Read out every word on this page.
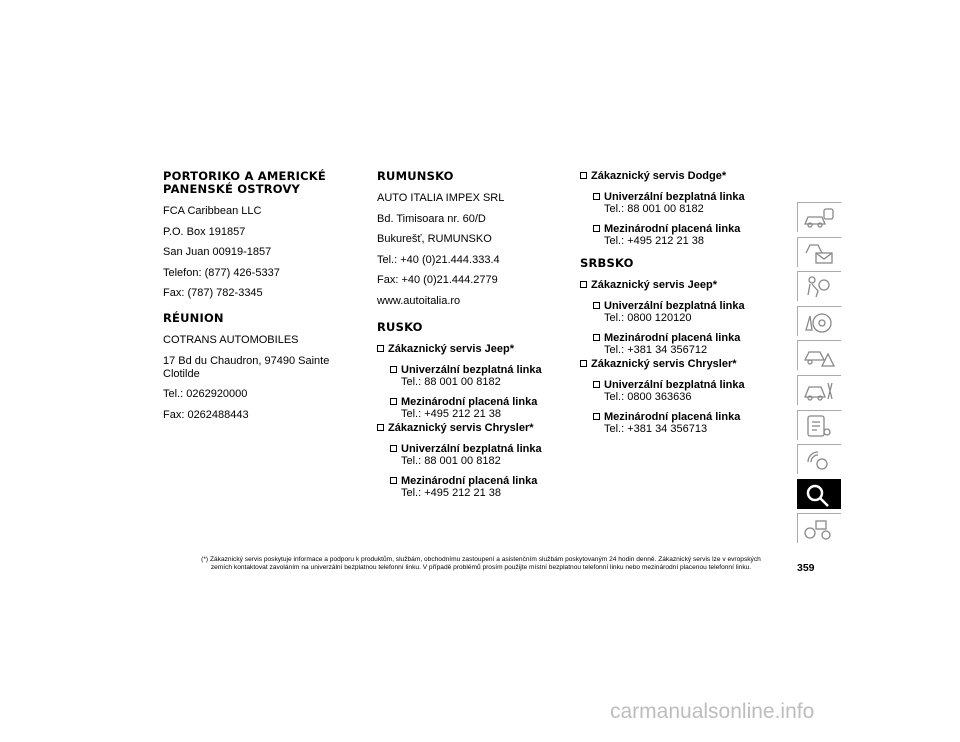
PORTORIKO A AMERICKÉ PANENSKÉ OSTROVY
FCA Caribbean LLC
P.O. Box 191857
San Juan 00919-1857
Telefon: (877) 426-5337
Fax: (787) 782-3345
RÉUNION
COTRANS AUTOMOBILES
17 Bd du Chaudron, 97490 Sainte Clotilde
Tel.: 0262920000
Fax: 0262488443
RUMUNSKO
AUTO ITALIA IMPEX SRL
Bd. Timisoara nr. 60/D
Bukurešť, RUMUNSKO
Tel.: +40 (0)21.444.333.4
Fax: +40 (0)21.444.2779
www.autoitalia.ro
RUSKO
Zákaznický servis Jeep*
Univerzální bezplatná linka
Tel.: 88 001 00 8182
Mezinárodní placená linka
Tel.: +495 212 21 38
Zákaznický servis Chrysler*
Univerzální bezplatná linka
Tel.: 88 001 00 8182
Mezinárodní placená linka
Tel.: +495 212 21 38
Zákaznický servis Dodge*
Univerzální bezplatná linka
Tel.: 88 001 00 8182
Mezinárodní placená linka
Tel.: +495 212 21 38
SRBSKO
Zákaznický servis Jeep*
Univerzální bezplatná linka
Tel.: 0800 120120
Mezinárodní placená linka
Tel.: +381 34 356712
Zákaznický servis Chrysler*
Univerzální bezplatná linka
Tel.: 0800 363636
Mezinárodní placená linka
Tel.: +381 34 356713
(*) Zákaznický servis poskytuje informace a podporu k produktům, službám, obchodnímu zastoupení a asistenčním službám poskytovaným 24 hodin denně. Zákaznický servis lze v evropských
zemích kontaktovat zavoláním na univerzální bezplatnou telefonní linku. V případě problémů prosím použijte místní bezplatnou telefonní linku nebo mezinárodní placenou telefonní linku.	359
carmanualsonline.info
